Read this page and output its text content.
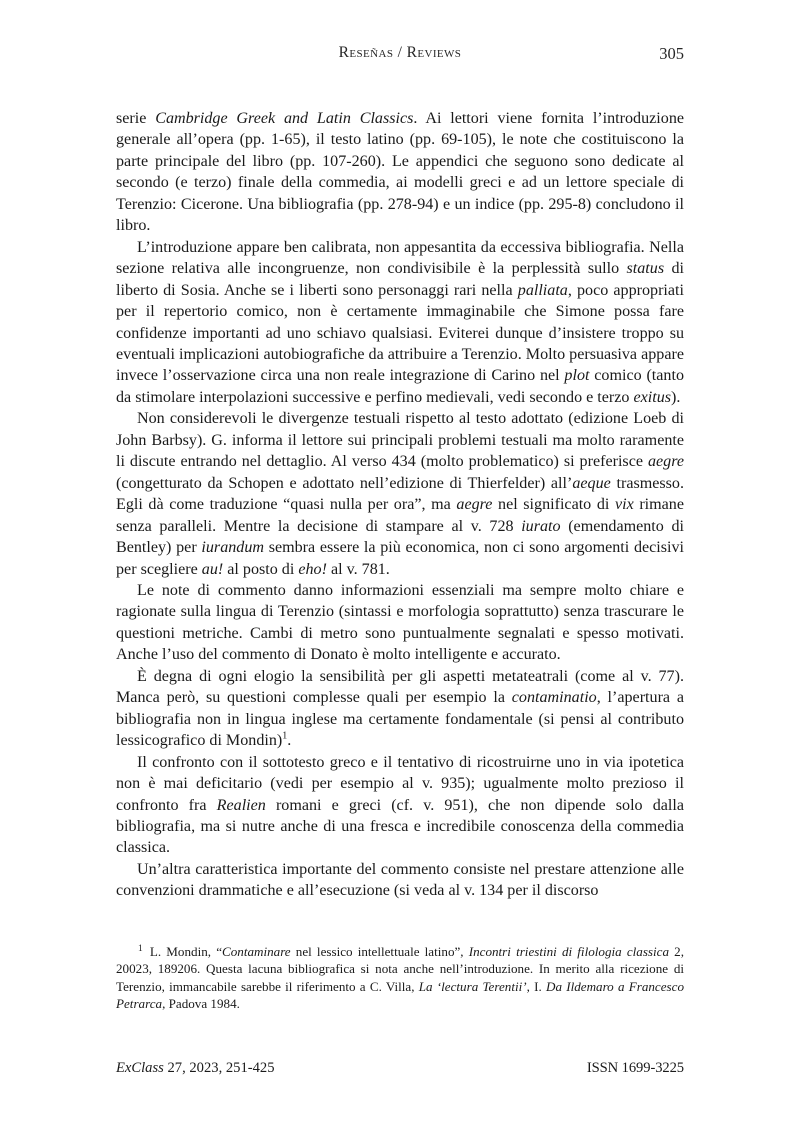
Reseñas / Reviews	305

serie Cambridge Greek and Latin Classics. Ai lettori viene fornita l’introduzione generale all’opera (pp. 1-65), il testo latino (pp. 69-105), le note che costituiscono la parte principale del libro (pp. 107-260). Le appendici che seguono sono dedicate al secondo (e terzo) finale della commedia, ai modelli greci e ad un lettore speciale di Terenzio: Cicerone. Una bibliografia (pp. 278-94) e un indice (pp. 295-8) concludono il libro.

L’introduzione appare ben calibrata, non appesantita da eccessiva bibliografia. Nella sezione relativa alle incongruenze, non condivisibile è la perplessità sullo status di liberto di Sosia. Anche se i liberti sono personaggi rari nella palliata, poco appropriati per il repertorio comico, non è certamente immaginabile che Simone possa fare confidenze importanti ad uno schiavo qualsiasi. Eviterei dunque d’insistere troppo su eventuali implicazioni autobiografiche da attribuire a Terenzio. Molto persuasiva appare invece l’osservazione circa una non reale integrazione di Carino nel plot comico (tanto da stimolare interpolazioni successive e perfino medievali, vedi secondo e terzo exitus).

Non considerevoli le divergenze testuali rispetto al testo adottato (edizione Loeb di John Barbsy). G. informa il lettore sui principali problemi testuali ma molto raramente li discute entrando nel dettaglio. Al verso 434 (molto problematico) si preferisce aegre (congetturato da Schopen e adottato nell’edizione di Thierfelder) all’aeque trasmesso. Egli dà come traduzione “quasi nulla per ora”, ma aegre nel significato di vix rimane senza paralleli. Mentre la decisione di stampare al v. 728 iurato (emendamento di Bentley) per iurandum sembra essere la più economica, non ci sono argomenti decisivi per scegliere au! al posto di eho! al v. 781.

Le note di commento danno informazioni essenziali ma sempre molto chiare e ragionate sulla lingua di Terenzio (sintassi e morfologia soprattutto) senza trascurare le questioni metriche. Cambi di metro sono puntualmente segnalati e spesso motivati. Anche l’uso del commento di Donato è molto intelligente e accurato.

È degna di ogni elogio la sensibilità per gli aspetti metateatrali (come al v. 77). Manca però, su questioni complesse quali per esempio la contaminatio, l’apertura a bibliografia non in lingua inglese ma certamente fondamentale (si pensi al contributo lessicografico di Mondin)$^1$.

Il confronto con il sottotesto greco e il tentativo di ricostruirne uno in via ipotetica non è mai deficitario (vedi per esempio al v. 935); ugualmente molto prezioso il confronto fra Realien romani e greci (cf. v. 951), che non dipende solo dalla bibliografia, ma si nutre anche di una fresca e incredibile conoscenza della commedia classica.

Un’altra caratteristica importante del commento consiste nel prestare attenzione alle convenzioni drammatiche e all’esecuzione (si veda al v. 134 per il discorso

$^1$ L. Mondin, “Contaminare nel lessico intellettuale latino”, Incontri triestini di filologia classica 2, 20023, 189206. Questa lacuna bibliografica si nota anche nell’introduzione. In merito alla ricezione di Terenzio, immancabile sarebbe il riferimento a C. Villa, La ‘lectura Terentii’, I. Da Ildemaro a Francesco Petrarca, Padova 1984.

ExClass 27, 2023, 251-425	ISSN 1699-3225
